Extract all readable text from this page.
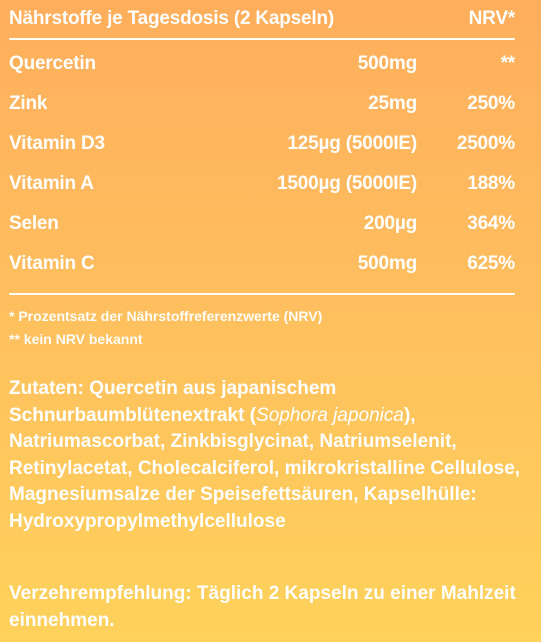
Nährstoffe je Tagesdosis (2 Kapseln)	NRV*
Quercetin	500mg	**
Zink	25mg	250%
Vitamin D3	125µg (5000IE)	2500%
Vitamin A	1500µg (5000IE)	188%
Selen	200µg	364%
Vitamin C	500mg	625%
* Prozentsatz der Nährstoffreferenzwerte (NRV)
** kein NRV bekannt
Zutaten: Quercetin aus japanischem Schnurbaumblütenextrakt (Sophora japonica), Natriumascorbat, Zinkbisglycinat, Natriumselenit, Retinylacetat, Cholecalciferol, mikrokristalline Cellulose, Magnesiumsalze der Speisefettsäuren, Kapselhülle: Hydroxypropylmethylcellulose
Verzehrempfehlung: Täglich 2 Kapseln zu einer Mahlzeit einnehmen.
